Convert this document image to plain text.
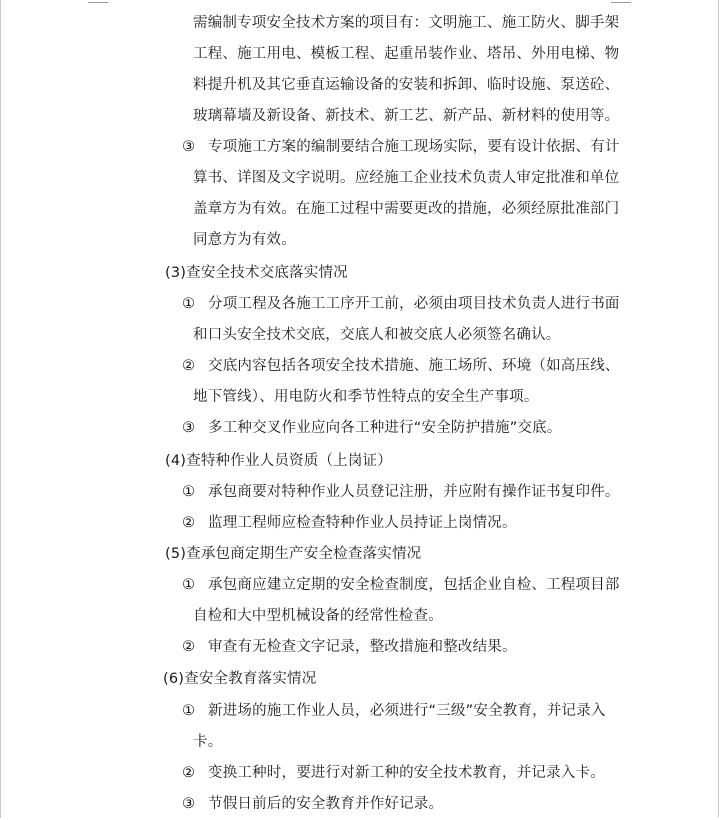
需编制专项安全技术方案的项目有：文明施工、施工防火、脚手架
工程、施工用电、模板工程、起重吊装作业、塔吊、外用电梯、物
料提升机及其它垂直运输设备的安装和拆卸、临时设施、泵送砼、
玻璃幕墙及新设备、新技术、新工艺、新产品、新材料的使用等。
③ 专项施工方案的编制要结合施工现场实际，要有设计依据、有计
算书、详图及文字说明。应经施工企业技术负责人审定批准和单位
盖章方为有效。在施工过程中需要更改的措施，必须经原批准部门
同意方为有效。
(3)查安全技术交底落实情况
① 分项工程及各施工工序开工前，必须由项目技术负责人进行书面
和口头安全技术交底，交底人和被交底人必须签名确认。
② 交底内容包括各项安全技术措施、施工场所、环境（如高压线、
地下管线）、用电防火和季节性特点的安全生产事项。
③ 多工种交叉作业应向各工种进行“安全防护措施”交底。
(4)查特种作业人员资质（上岗证）
① 承包商要对特种作业人员登记注册，并应附有操作证书复印件。
② 监理工程师应检查特种作业人员持证上岗情况。
(5)查承包商定期生产安全检查落实情况
① 承包商应建立定期的安全检查制度，包括企业自检、工程项目部
自检和大中型机械设备的经常性检查。
② 审查有无检查文字记录，整改措施和整改结果。
(6)查安全教育落实情况
① 新进场的施工作业人员，必须进行“三级”安全教育，并记录入
卡。
② 变换工种时，要进行对新工种的安全技术教育，并记录入卡。
③ 节假日前后的安全教育并作好记录。
